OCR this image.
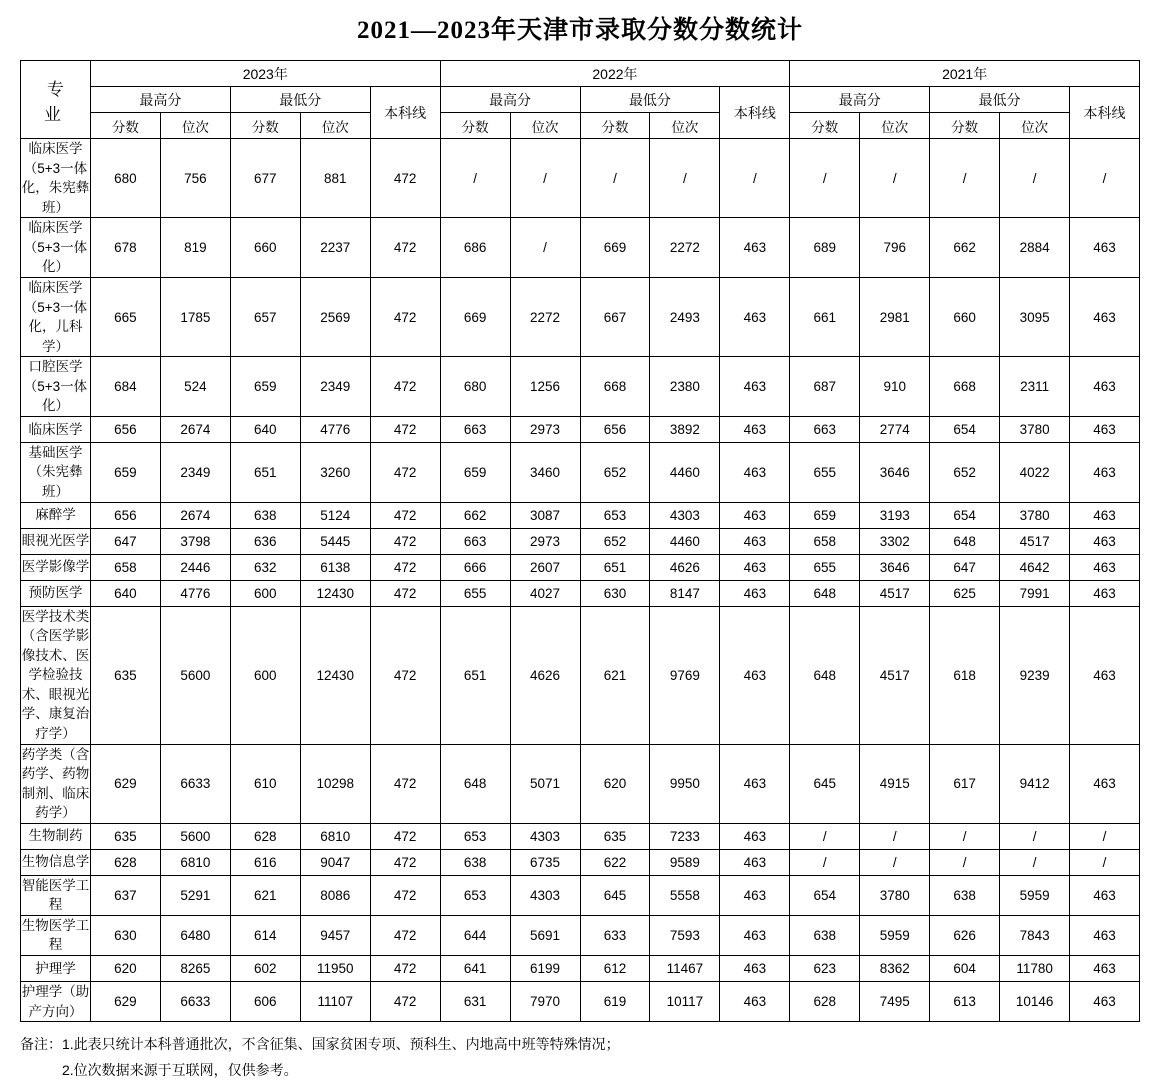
2021—2023年天津市录取分数分数统计
专　业	2023年					2022年					2021年				
	最高分		最低分		本科线	最高分		最低分		本科线	最高分		最低分		本科线
	分数	位次	分数	位次		分数	位次	分数	位次		分数	位次	分数	位次	
临床医学（5+3一体化，朱宪彝班）	680	756	677	881	472	/	/	/	/	/	/	/	/	/	/
临床医学（5+3一体化）	678	819	660	2237	472	686	/	669	2272	463	689	796	662	2884	463
临床医学（5+3一体化，儿科学）	665	1785	657	2569	472	669	2272	667	2493	463	661	2981	660	3095	463
口腔医学（5+3一体化）	684	524	659	2349	472	680	1256	668	2380	463	687	910	668	2311	463
临床医学	656	2674	640	4776	472	663	2973	656	3892	463	663	2774	654	3780	463
基础医学（朱宪彝班）	659	2349	651	3260	472	659	3460	652	4460	463	655	3646	652	4022	463
麻醉学	656	2674	638	5124	472	662	3087	653	4303	463	659	3193	654	3780	463
眼视光医学	647	3798	636	5445	472	663	2973	652	4460	463	658	3302	648	4517	463
医学影像学	658	2446	632	6138	472	666	2607	651	4626	463	655	3646	647	4642	463
预防医学	640	4776	600	12430	472	655	4027	630	8147	463	648	4517	625	7991	463
医学技术类（含医学影像技术、医学检验技术、眼视光学、康复治疗学）	635	5600	600	12430	472	651	4626	621	9769	463	648	4517	618	9239	463
药学类（含药学、药物制剂、临床药学）	629	6633	610	10298	472	648	5071	620	9950	463	645	4915	617	9412	463
生物制药	635	5600	628	6810	472	653	4303	635	7233	463	/	/	/	/	/
生物信息学	628	6810	616	9047	472	638	6735	622	9589	463	/	/	/	/	/
智能医学工程	637	5291	621	8086	472	653	4303	645	5558	463	654	3780	638	5959	463
生物医学工程	630	6480	614	9457	472	644	5691	633	7593	463	638	5959	626	7843	463
护理学	620	8265	602	11950	472	641	6199	612	11467	463	623	8362	604	11780	463
护理学（助产方向）	629	6633	606	11107	472	631	7970	619	10117	463	628	7495	613	10146	463
备注：1.此表只统计本科普通批次，不含征集、国家贫困专项、预科生、内地高中班等特殊情况；
2.位次数据来源于互联网，仅供参考。
